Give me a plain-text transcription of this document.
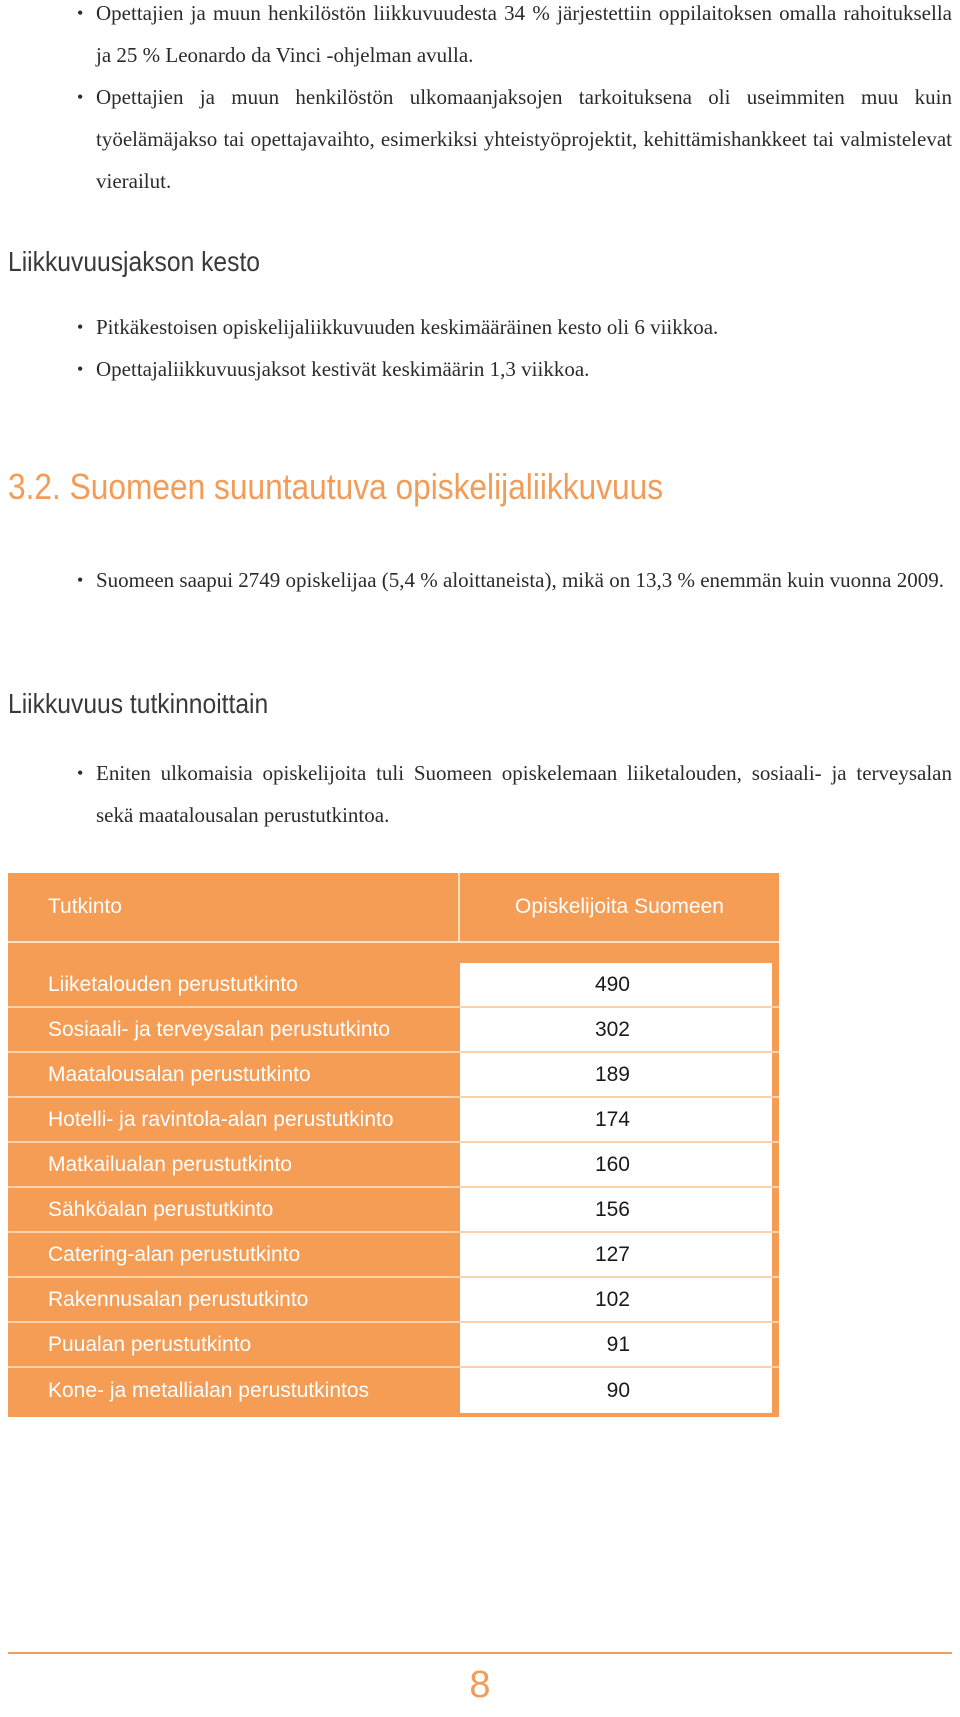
• Opettajien ja muun henkilöstön liikkuvuudesta 34 % järjestettiin oppilaitoksen omalla rahoituksella ja 25 % Leonardo da Vinci -ohjelman avulla.
• Opettajien ja muun henkilöstön ulkomaanjaksojen tarkoituksena oli useimmiten muu kuin työelämäjakso tai opettajavaihto, esimerkiksi yhteistyöprojektit, kehittämishankkeet tai valmistelevat vierailut.
Liikkuvuusjakson kesto
• Pitkäkestoisen opiskelijaliikkuvuuden keskimääräinen kesto oli 6 viikkoa.
• Opettajaliikkuvuusjaksot kestivät keskimäärin 1,3 viikkoa.
3.2. Suomeen suuntautuva opiskelijaliikkuvuus
• Suomeen saapui 2749 opiskelijaa (5,4 % aloittaneista), mikä on 13,3 % enemmän kuin vuonna 2009.
Liikkuvuus tutkinnoittain
• Eniten ulkomaisia opiskelijoita tuli Suomeen opiskelemaan liiketalouden, sosiaali- ja terveysalan sekä maatalousalan perustutkintoa.
Tutkinto	Opiskelijoita Suomeen
Liiketalouden perustutkinto	490
Sosiaali- ja terveysalan perustutkinto	302
Maatalousalan perustutkinto	189
Hotelli- ja ravintola-alan perustutkinto	174
Matkailualan perustutkinto	160
Sähköalan perustutkinto	156
Catering-alan perustutkinto	127
Rakennusalan perustutkinto	102
Puualan perustutkinto	91
Kone- ja metallialan perustutkintos	90
8
